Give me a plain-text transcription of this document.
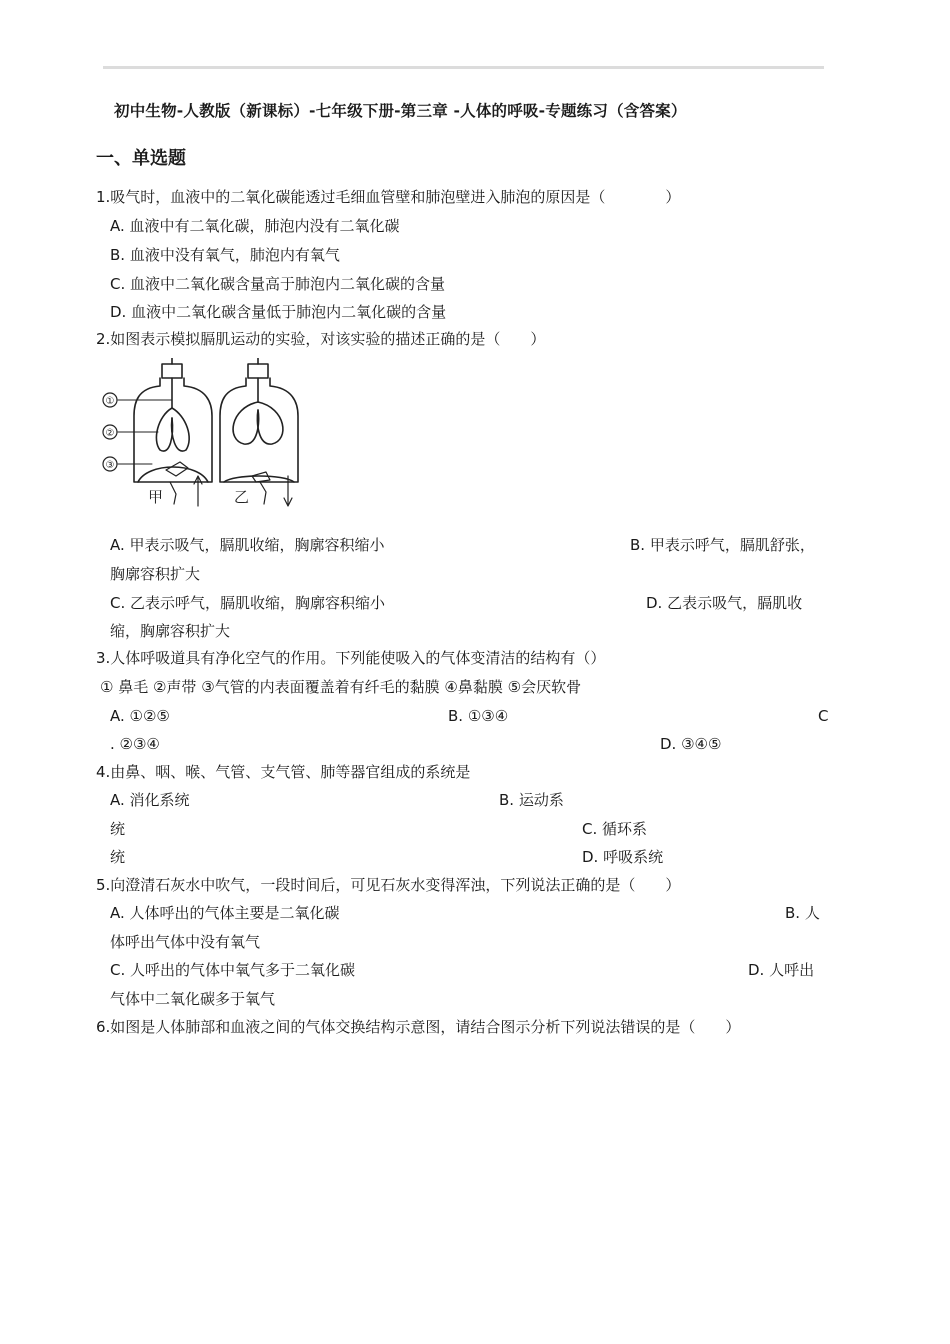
初中生物-人教版（新课标）-七年级下册-第三章 -人体的呼吸-专题练习（含答案）
一、单选题
1.吸气时，血液中的二氧化碳能透过毛细血管壁和肺泡壁进入肺泡的原因是（　　　　）
A. 血液中有二氧化碳，肺泡内没有二氧化碳
B. 血液中没有氧气，肺泡内有氧气
C. 血液中二氧化碳含量高于肺泡内二氧化碳的含量
D. 血液中二氧化碳含量低于肺泡内二氧化碳的含量
2.如图表示模拟膈肌运动的实验，对该实验的描述正确的是（　　）
①
②
③
甲	乙
A. 甲表示吸气，膈肌收缩，胸廓容积缩小	B. 甲表示呼气，膈肌舒张，
胸廓容积扩大
C. 乙表示呼气，膈肌收缩，胸廓容积缩小	D. 乙表示吸气，膈肌收
缩，胸廓容积扩大
3.人体呼吸道具有净化空气的作用。下列能使吸入的气体变清洁的结构有（）
① 鼻毛 ②声带 ③气管的内表面覆盖着有纤毛的黏膜 ④鼻黏膜 ⑤会厌软骨
A. ①②⑤	B. ①③④	C
. ②③④	D. ③④⑤
4.由鼻、咽、喉、气管、支气管、肺等器官组成的系统是
A. 消化系统	B. 运动系
统	C. 循环系
统	D. 呼吸系统
5.向澄清石灰水中吹气，一段时间后，可见石灰水变得浑浊，下列说法正确的是（　　）
A. 人体呼出的气体主要是二氧化碳	B. 人
体呼出气体中没有氧气
C. 人呼出的气体中氧气多于二氧化碳	D. 人呼出
气体中二氧化碳多于氧气
6.如图是人体肺部和血液之间的气体交换结构示意图，请结合图示分析下列说法错误的是（　　）
